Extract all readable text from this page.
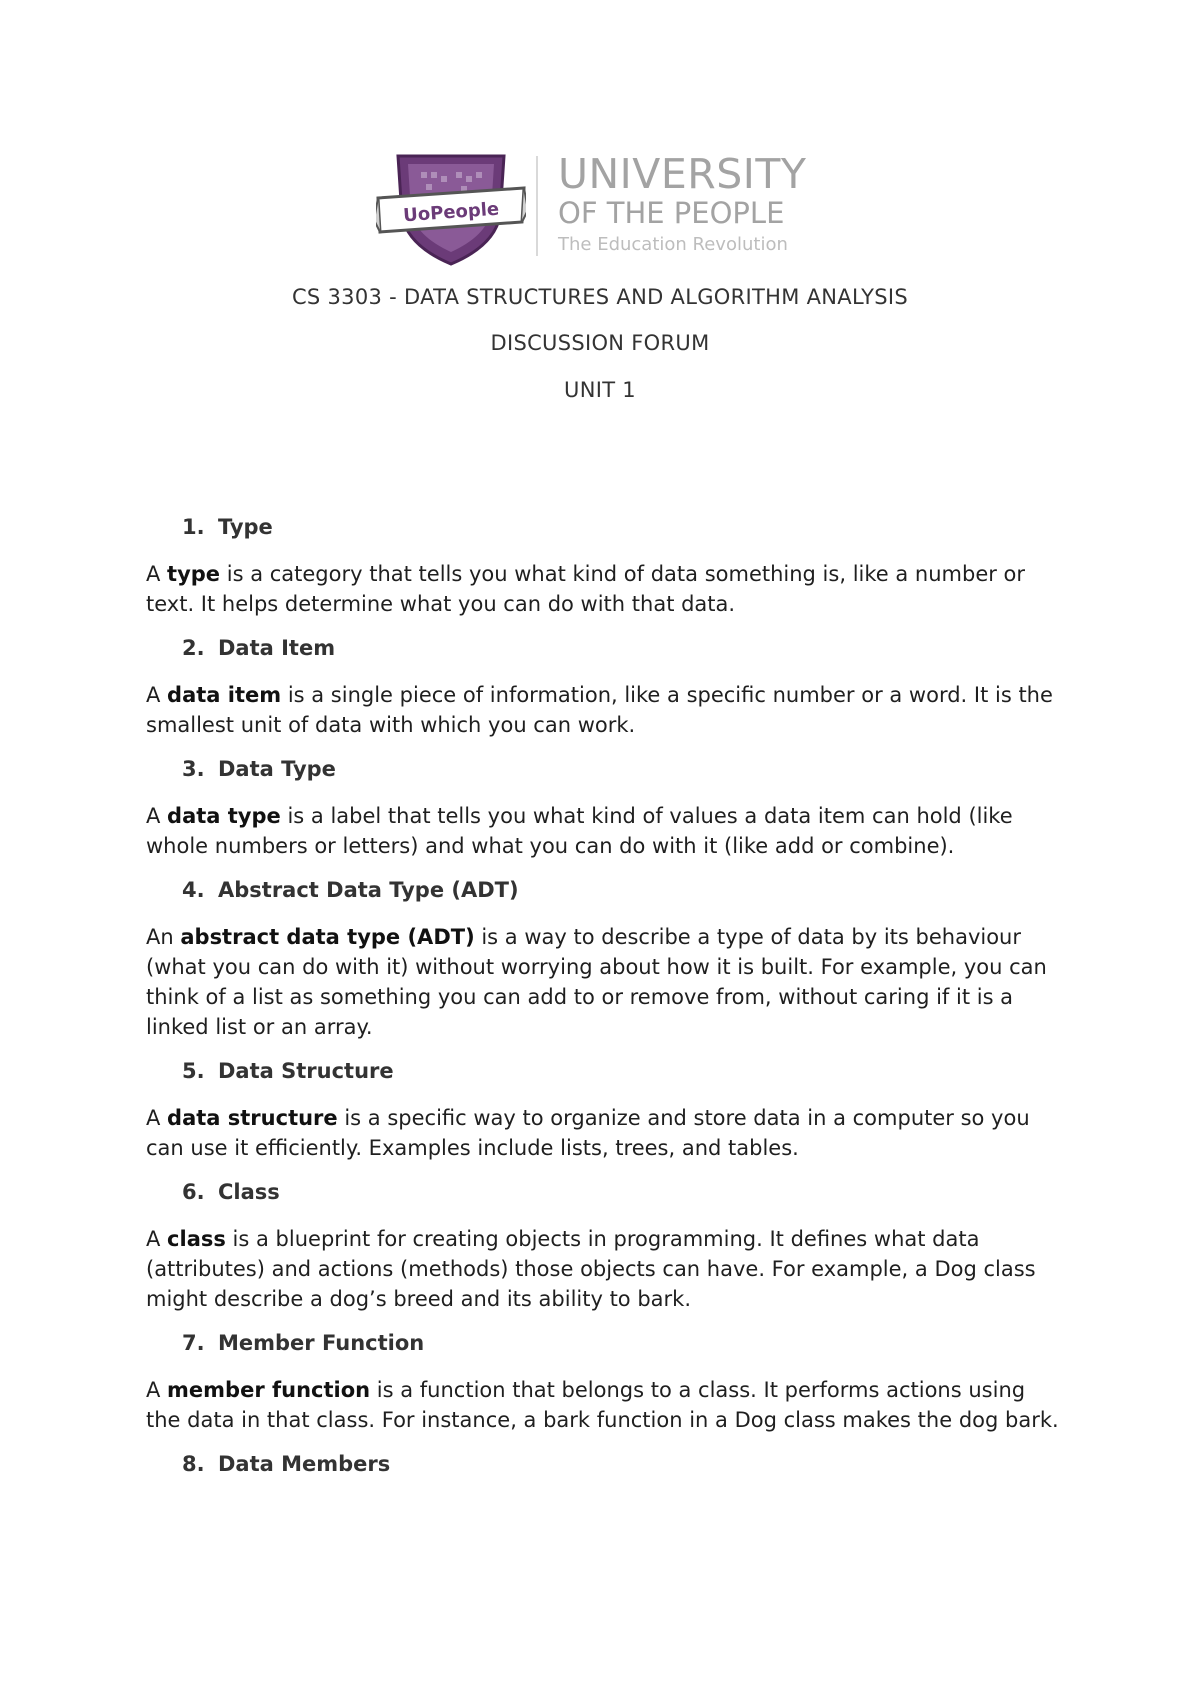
UoPeople
UNIVERSITY
OF THE PEOPLE
The Education Revolution
CS 3303 - DATA STRUCTURES AND ALGORITHM ANALYSIS
DISCUSSION FORUM
UNIT 1
1. Type

A type is a category that tells you what kind of data something is, like a number or text. It helps determine what you can do with that data.

2. Data Item

A data item is a single piece of information, like a specific number or a word. It is the smallest unit of data with which you can work.

3. Data Type

A data type is a label that tells you what kind of values a data item can hold (like whole numbers or letters) and what you can do with it (like add or combine).

4. Abstract Data Type (ADT)

An abstract data type (ADT) is a way to describe a type of data by its behaviour (what you can do with it) without worrying about how it is built. For example, you can think of a list as something you can add to or remove from, without caring if it is a linked list or an array.

5. Data Structure

A data structure is a specific way to organize and store data in a computer so you can use it efficiently. Examples include lists, trees, and tables.

6. Class

A class is a blueprint for creating objects in programming. It defines what data (attributes) and actions (methods) those objects can have. For example, a Dog class might describe a dog’s breed and its ability to bark.

7. Member Function

A member function is a function that belongs to a class. It performs actions using the data in that class. For instance, a bark function in a Dog class makes the dog bark.

8. Data Members
